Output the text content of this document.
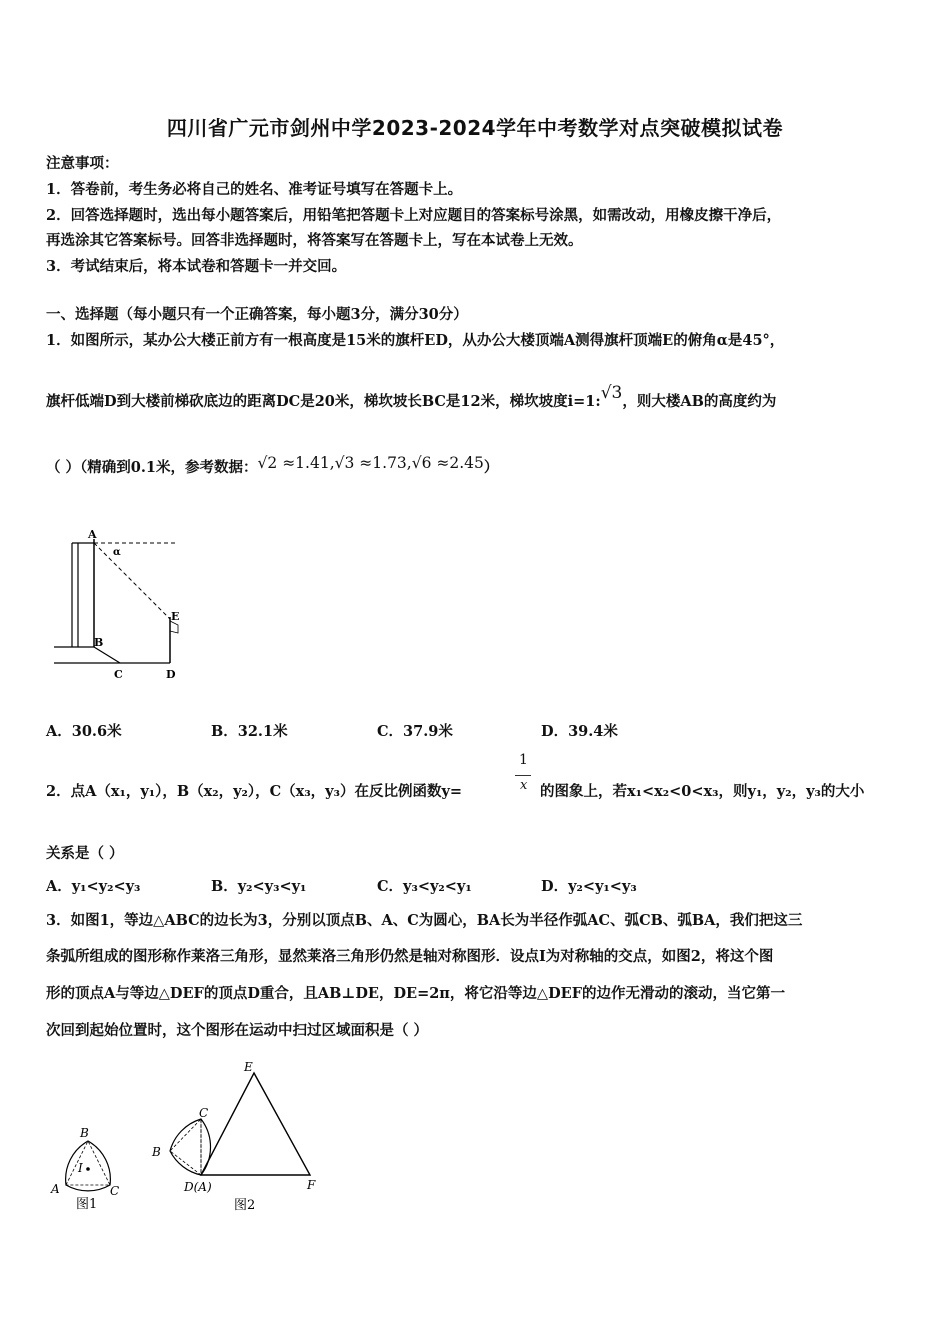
四川省广元市剑州中学2023-2024学年中考数学对点突破模拟试卷
注意事项：
1．答卷前，考生务必将自己的姓名、准考证号填写在答题卡上。
2．回答选择题时，选出每小题答案后，用铅笔把答题卡上对应题目的答案标号涂黑，如需改动，用橡皮擦干净后，
再选涂其它答案标号。回答非选择题时，将答案写在答题卡上，写在本试卷上无效。
3．考试结束后，将本试卷和答题卡一并交回。
一、选择题（每小题只有一个正确答案，每小题3分，满分30分）
1．如图所示，某办公大楼正前方有一根高度是15米的旗杆ED，从办公大楼顶端A测得旗杆顶端E的俯角α是45°，
旗杆低端D到大楼前梯砍底边的距离DC是20米，梯坎坡长BC是12米，梯坎坡度i=1:√3，则大楼AB的高度约为
（ ）（精确到0.1米，参考数据：√2 ≈1.41,√3 ≈1.73,√6 ≈2.45）
A
α
E
B
C	D
A．30.6米	B．32.1米	C．37.9米	D．39.4米
2．点A（x₁，y₁），B（x₂，y₂），C（x₃，y₃）在反比例函数y=
1
x 的图象上，若x₁<x₂<0<x₃，则y₁，y₂，y₃的大小
关系是（ ）
A．y₁<y₂<y₃	B．y₂<y₃<y₁	C．y₃<y₂<y₁	D．y₂<y₁<y₃
3．如图1，等边△ABC的边长为3，分别以顶点B、A、C为圆心，BA长为半径作弧AC、弧CB、弧BA，我们把这三
条弧所组成的图形称作莱洛三角形，显然莱洛三角形仍然是轴对称图形．设点I为对称轴的交点，如图2，将这个图
形的顶点A与等边△DEF的顶点D重合，且AB⊥DE，DE=2π，将它沿等边△DEF的边作无滑动的滚动，当它第一
次回到起始位置时，这个图形在运动中扫过区域面积是（ ）
B
I
A	C
图1
E
C
B
D(A)	F
图2
